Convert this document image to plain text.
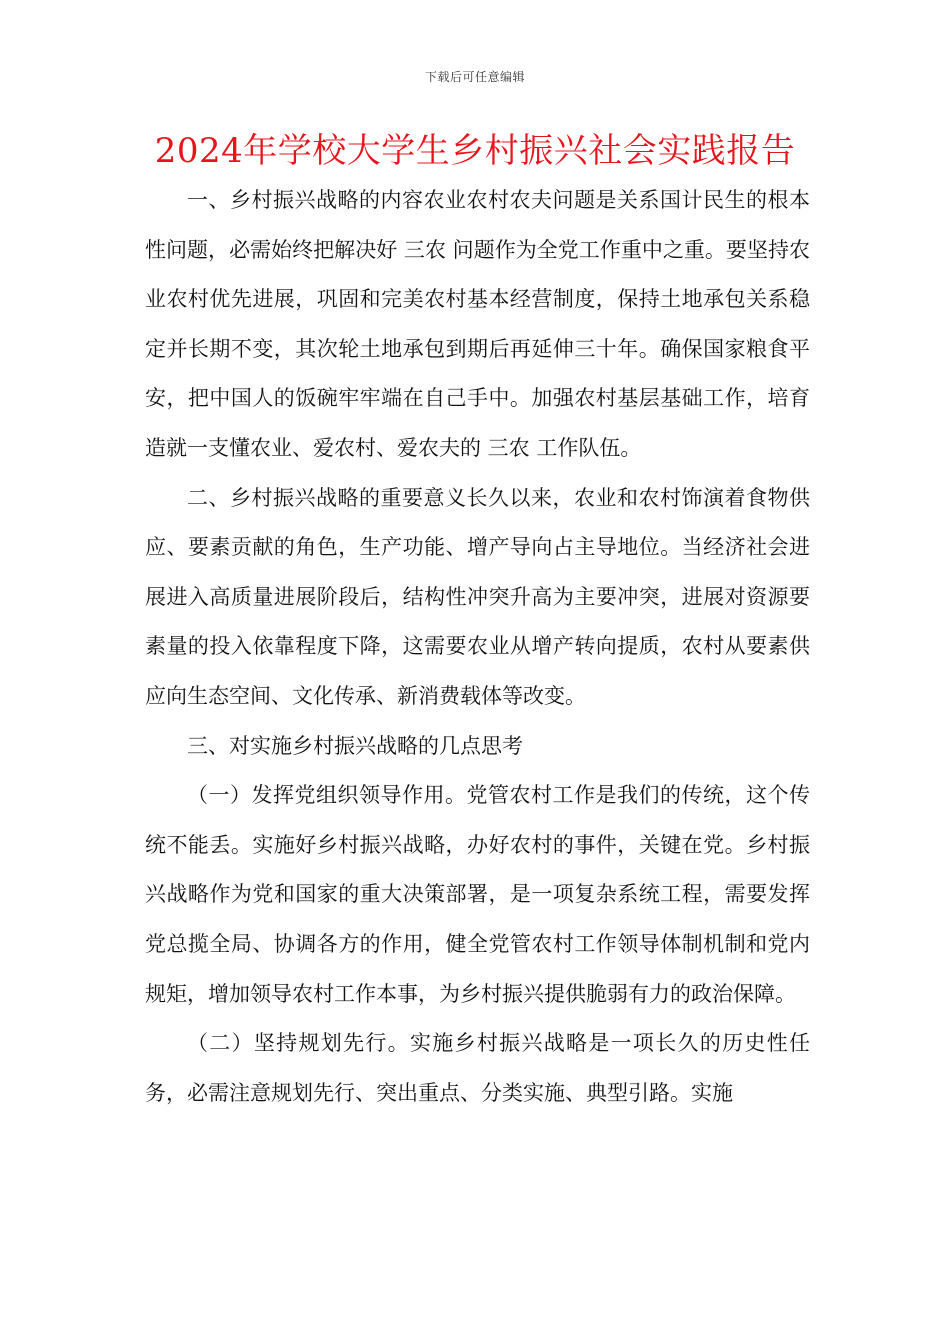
下载后可任意编辑
2024年学校大学生乡村振兴社会实践报告

一、乡村振兴战略的内容农业农村农夫问题是关系国计民生的根本性问题，必需始终把解决好 三农 问题作为全党工作重中之重。要坚持农业农村优先进展，巩固和完美农村基本经营制度，保持土地承包关系稳定并长期不变，其次轮土地承包到期后再延伸三十年。确保国家粮食平安，把中国人的饭碗牢牢端在自己手中。加强农村基层基础工作，培育造就一支懂农业、爱农村、爱农夫的 三农 工作队伍。

二、乡村振兴战略的重要意义长久以来，农业和农村饰演着食物供应、要素贡献的角色，生产功能、增产导向占主导地位。当经济社会进展进入高质量进展阶段后，结构性冲突升高为主要冲突，进展对资源要素量的投入依靠程度下降，这需要农业从增产转向提质，农村从要素供应向生态空间、文化传承、新消费载体等改变。

三、对实施乡村振兴战略的几点思考

（一）发挥党组织领导作用。党管农村工作是我们的传统，这个传统不能丢。实施好乡村振兴战略，办好农村的事件，关键在党。乡村振兴战略作为党和国家的重大决策部署，是一项复杂系统工程，需要发挥党总揽全局、协调各方的作用，健全党管农村工作领导体制机制和党内规矩，增加领导农村工作本事，为乡村振兴提供脆弱有力的政治保障。

（二）坚持规划先行。实施乡村振兴战略是一项长久的历史性任务，必需注意规划先行、突出重点、分类实施、典型引路。实施
